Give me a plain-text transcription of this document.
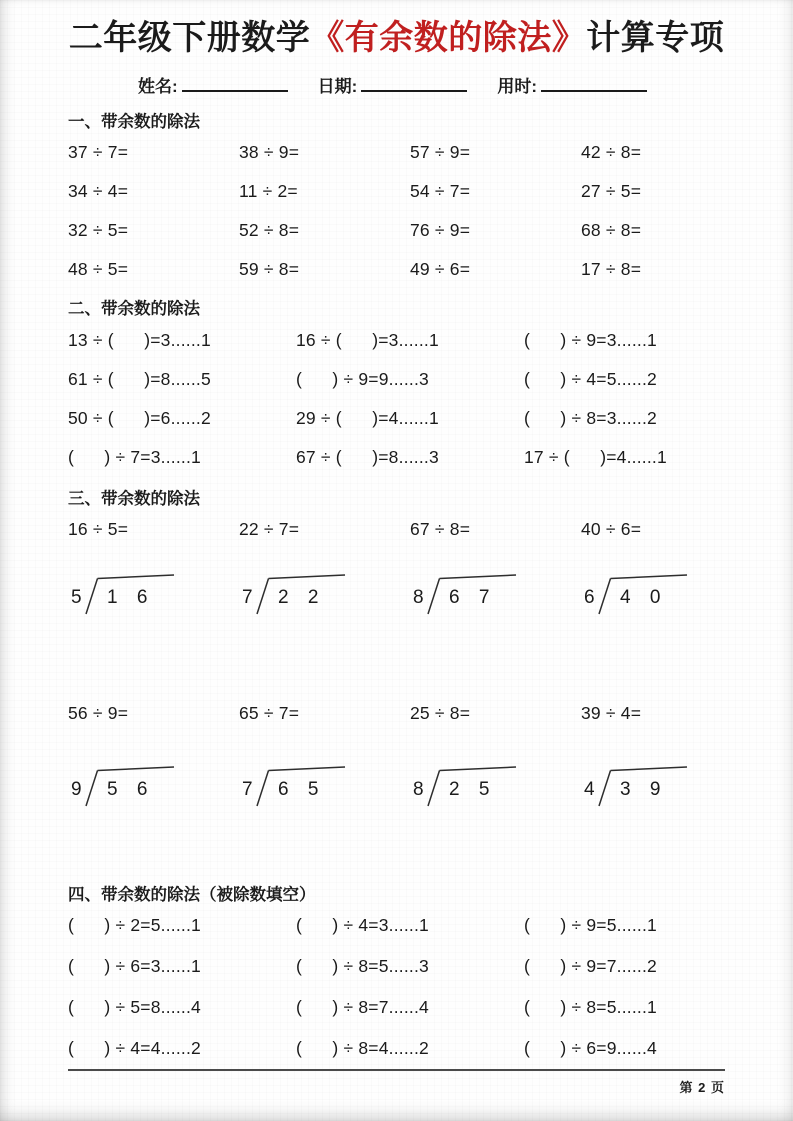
二年级下册数学《有余数的除法》计算专项
姓名:	日期:	用时:
一、带余数的除法
37 ÷ 7=	38 ÷ 9=	57 ÷ 9=	42 ÷ 8=
34 ÷ 4=	11 ÷ 2=	54 ÷ 7=	27 ÷ 5=
32 ÷ 5=	52 ÷ 8=	76 ÷ 9=	68 ÷ 8=
48 ÷ 5=	59 ÷ 8=	49 ÷ 6=	17 ÷ 8=
二、带余数的除法
13 ÷ (      )=3......1	16 ÷ (      )=3......1	(      ) ÷ 9=3......1
61 ÷ (      )=8......5	(      ) ÷ 9=9......3	(      ) ÷ 4=5......2
50 ÷ (      )=6......2	29 ÷ (      )=4......1	(      ) ÷ 8=3......2
(      ) ÷ 7=3......1	67 ÷ (      )=8......3	17 ÷ (      )=4......1
三、带余数的除法
16 ÷ 5=	22 ÷ 7=	67 ÷ 8=	40 ÷ 6=
5 1 6	7 2 2	8 6 7	6 4 0
56 ÷ 9=	65 ÷ 7=	25 ÷ 8=	39 ÷ 4=
9 5 6	7 6 5	8 2 5	4 3 9
四、带余数的除法（被除数填空）
(      ) ÷ 2=5......1	(      ) ÷ 4=3......1	(      ) ÷ 9=5......1
(      ) ÷ 6=3......1	(      ) ÷ 8=5......3	(      ) ÷ 9=7......2
(      ) ÷ 5=8......4	(      ) ÷ 8=7......4	(      ) ÷ 8=5......1
(      ) ÷ 4=4......2	(      ) ÷ 8=4......2	(      ) ÷ 6=9......4
第 2 页
